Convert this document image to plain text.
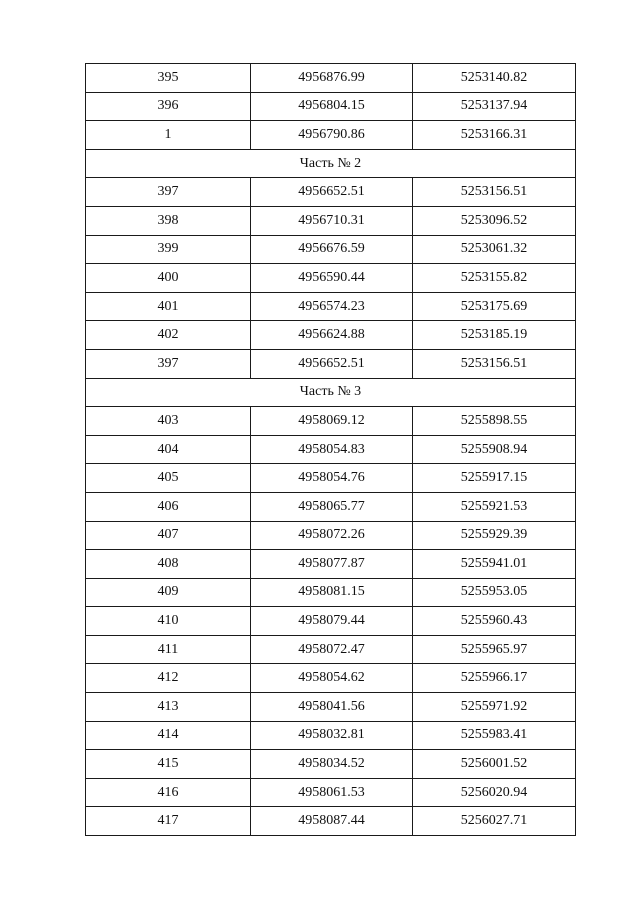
395	4956876.99	5253140.82
396	4956804.15	5253137.94
1	4956790.86	5253166.31
Часть № 2		
397	4956652.51	5253156.51
398	4956710.31	5253096.52
399	4956676.59	5253061.32
400	4956590.44	5253155.82
401	4956574.23	5253175.69
402	4956624.88	5253185.19
397	4956652.51	5253156.51
Часть № 3		
403	4958069.12	5255898.55
404	4958054.83	5255908.94
405	4958054.76	5255917.15
406	4958065.77	5255921.53
407	4958072.26	5255929.39
408	4958077.87	5255941.01
409	4958081.15	5255953.05
410	4958079.44	5255960.43
411	4958072.47	5255965.97
412	4958054.62	5255966.17
413	4958041.56	5255971.92
414	4958032.81	5255983.41
415	4958034.52	5256001.52
416	4958061.53	5256020.94
417	4958087.44	5256027.71
